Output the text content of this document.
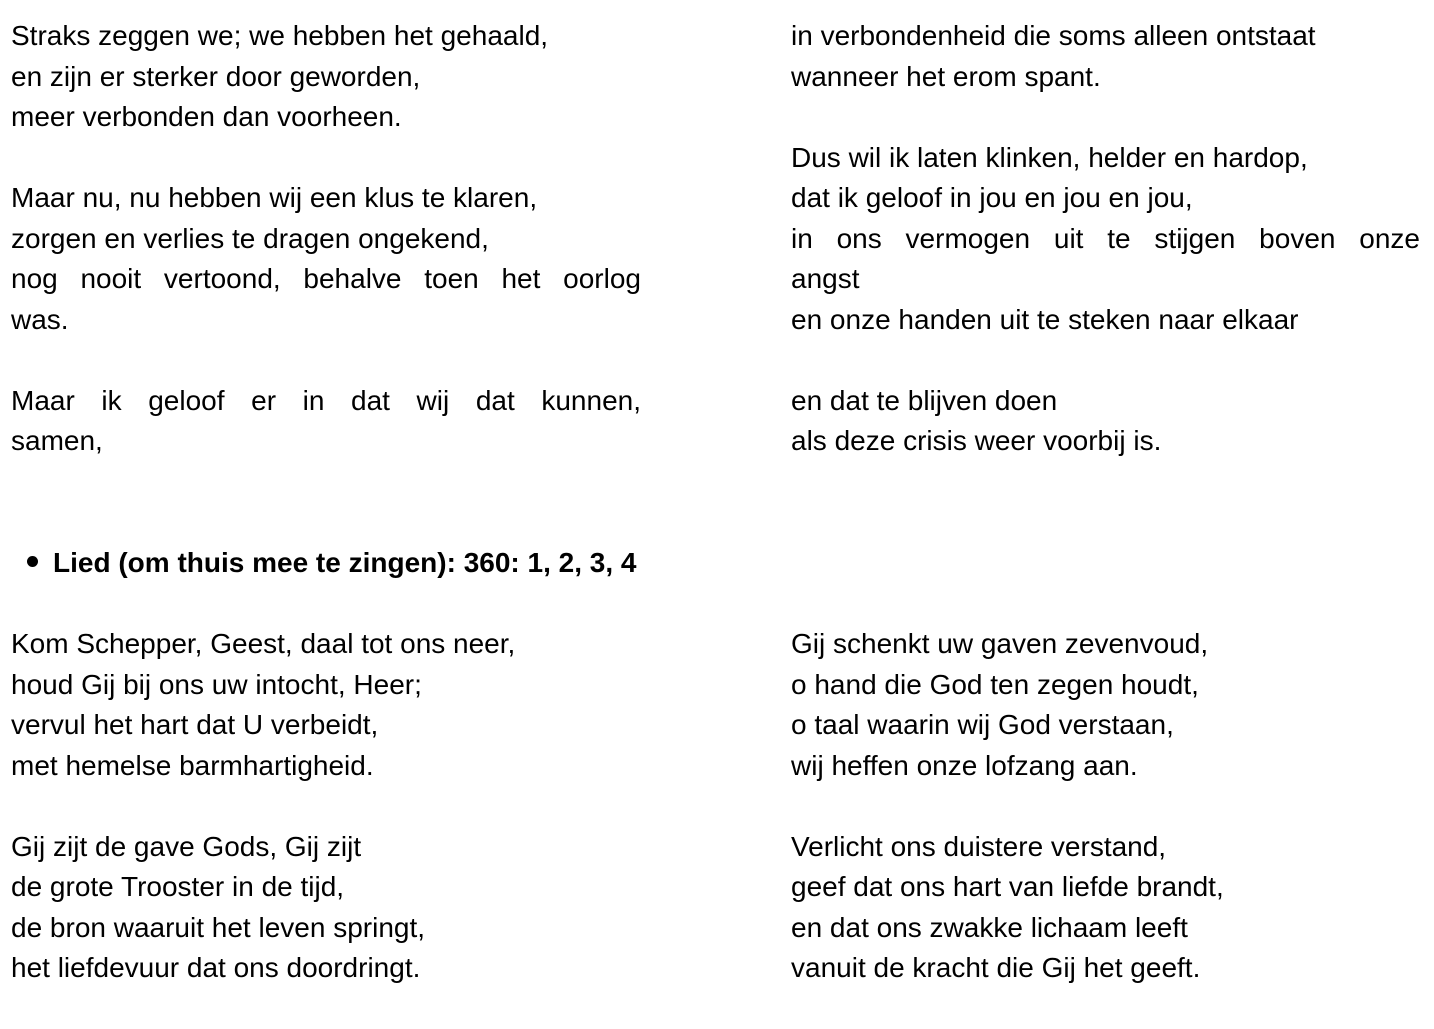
Straks zeggen we; we hebben het gehaald,
en zijn er sterker door geworden,
meer verbonden dan voorheen.
Maar nu, nu hebben wij een klus te klaren,
zorgen en verlies te dragen ongekend,
nog nooit vertoond, behalve toen het oorlog
was.
Maar ik geloof er in dat wij dat kunnen,
samen,
in verbondenheid die soms alleen ontstaat
wanneer het erom spant.
Dus wil ik laten klinken, helder en hardop,
dat ik geloof in jou en jou en jou,
in ons vermogen uit te stijgen boven onze
angst
en onze handen uit te steken naar elkaar
en dat te blijven doen
als deze crisis weer voorbij is.
Lied (om thuis mee te zingen): 360: 1, 2, 3, 4
Kom Schepper, Geest, daal tot ons neer,
houd Gij bij ons uw intocht, Heer;
vervul het hart dat U verbeidt,
met hemelse barmhartigheid.
Gij zijt de gave Gods, Gij zijt
de grote Trooster in de tijd,
de bron waaruit het leven springt,
het liefdevuur dat ons doordringt.
Gij schenkt uw gaven zevenvoud,
o hand die God ten zegen houdt,
o taal waarin wij God verstaan,
wij heffen onze lofzang aan.
Verlicht ons duistere verstand,
geef dat ons hart van liefde brandt,
en dat ons zwakke lichaam leeft
vanuit de kracht die Gij het geeft.
